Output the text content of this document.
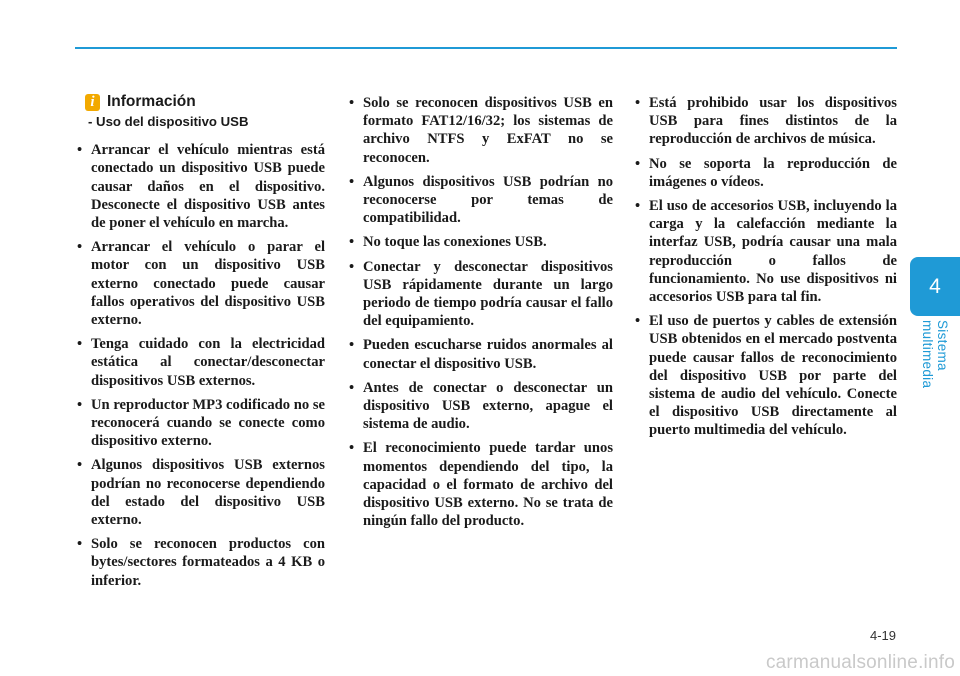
4
Sistema multimedia
i Información
- Uso del dispositivo USB
• Arrancar el vehículo mientras está conectado un dispositivo USB puede causar daños en el dispositivo. Desconecte el dispositivo USB antes de poner el vehículo en marcha.
• Arrancar el vehículo o parar el motor con un dispositivo USB externo conectado puede causar fallos operativos del dispositivo USB externo.
• Tenga cuidado con la electricidad estática al conectar/desconectar dispositivos USB externos.
• Un reproductor MP3 codificado no se reconocerá cuando se conecte como dispositivo externo.
• Algunos dispositivos USB externos podrían no reconocerse dependiendo del estado del dispositivo USB externo.
• Solo se reconocen productos con bytes/sectores formateados a 4 KB o inferior.
• Solo se reconocen dispositivos USB en formato FAT12/16/32; los sistemas de archivo NTFS y ExFAT no se reconocen.
• Algunos dispositivos USB podrían no reconocerse por temas de compatibilidad.
• No toque las conexiones USB.
• Conectar y desconectar dispositivos USB rápidamente durante un largo periodo de tiempo podría causar el fallo del equipamiento.
• Pueden escucharse ruidos anormales al conectar el dispositivo USB.
• Antes de conectar o desconectar un dispositivo USB externo, apague el sistema de audio.
• El reconocimiento puede tardar unos momentos dependiendo del tipo, la capacidad o el formato de archivo del dispositivo USB externo. No se trata de ningún fallo del producto.
• Está prohibido usar los dispositivos USB para fines distintos de la reproducción de archivos de música.
• No se soporta la reproducción de imágenes o vídeos.
• El uso de accesorios USB, incluyendo la carga y la calefacción mediante la interfaz USB, podría causar una mala reproducción o fallos de funcionamiento. No use dispositivos ni accesorios USB para tal fin.
• El uso de puertos y cables de extensión USB obtenidos en el mercado postventa puede causar fallos de reconocimiento del dispositivo USB por parte del sistema de audio del vehículo. Conecte el dispositivo USB directamente al puerto multimedia del vehículo.
4-19
carmanualsonline.info
